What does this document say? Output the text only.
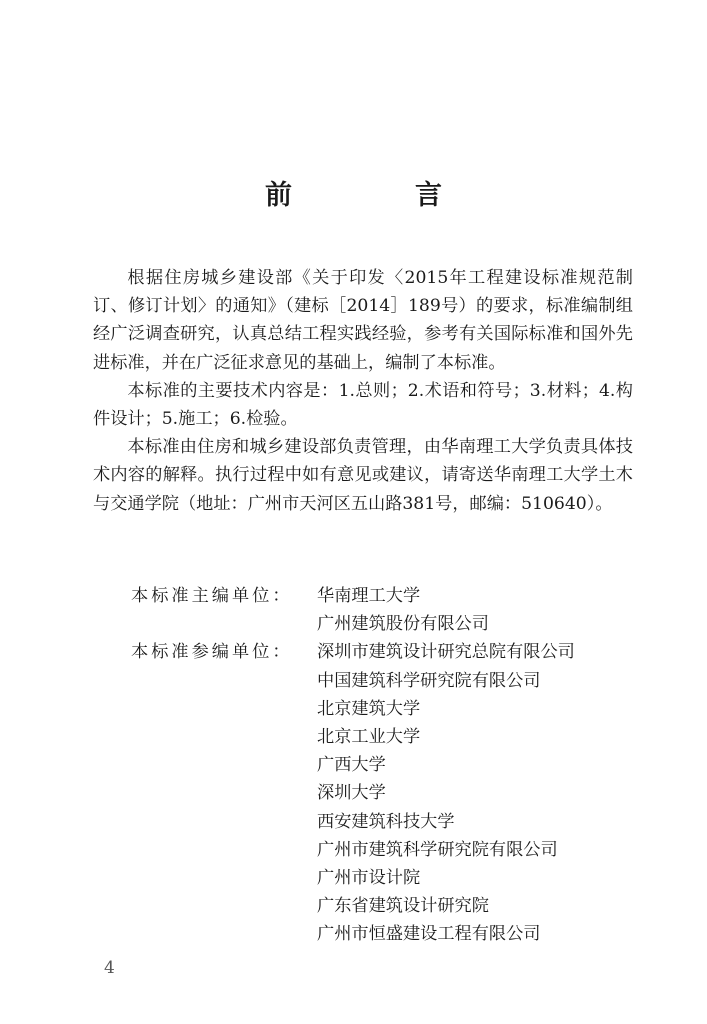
前　言

根据住房城乡建设部《关于印发〈2015年工程建设标准规范制订、修订计划〉的通知》（建标［2014］189号）的要求，标准编制组经广泛调查研究，认真总结工程实践经验，参考有关国际标准和国外先进标准，并在广泛征求意见的基础上，编制了本标准。

本标准的主要技术内容是：1.总则；2.术语和符号；3.材料；4.构件设计；5.施工；6.检验。

本标准由住房和城乡建设部负责管理，由华南理工大学负责具体技术内容的解释。执行过程中如有意见或建议，请寄送华南理工大学土木与交通学院（地址：广州市天河区五山路381号，邮编：510640）。

本标准主编单位：	华南理工大学
广州建筑股份有限公司
本标准参编单位：	深圳市建筑设计研究总院有限公司
中国建筑科学研究院有限公司
北京建筑大学
北京工业大学
广西大学
深圳大学
西安建筑科技大学
广州市建筑科学研究院有限公司
广州市设计院
广东省建筑设计研究院
广州市恒盛建设工程有限公司
4
